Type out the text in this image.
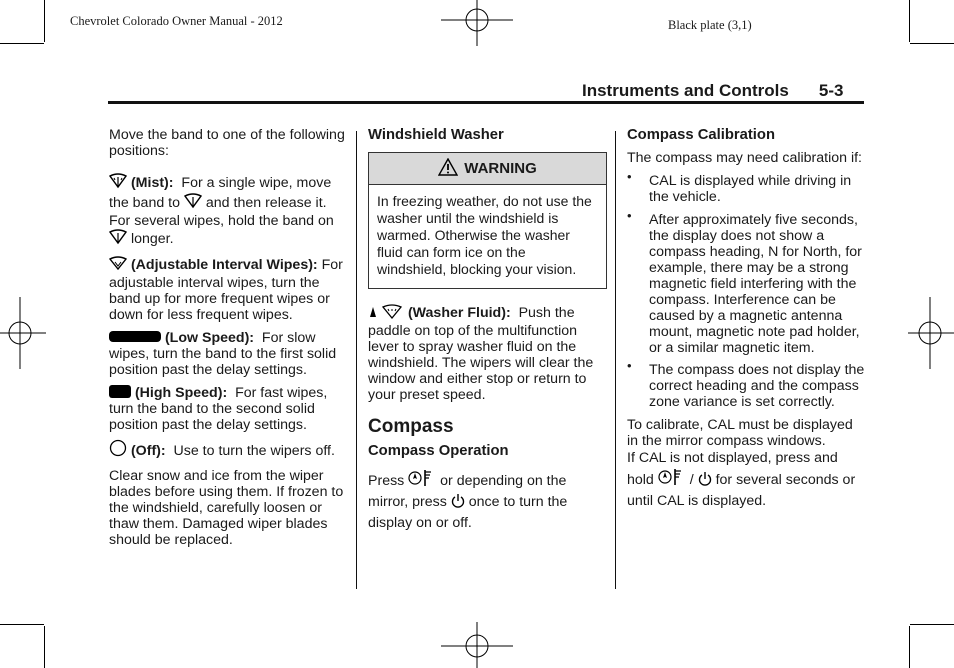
Chevrolet Colorado Owner Manual - 2012	Black plate (3,1)
Instruments and Controls 5-3

Move the band to one of the following positions:

(Mist): For a single wipe, move the band to and then release it. For several wipes, hold the band on  longer.

(Adjustable Interval Wipes): For adjustable interval wipes, turn the band up for more frequent wipes or down for less frequent wipes.

(Low Speed): For slow wipes, turn the band to the first solid position past the delay settings.

(High Speed): For fast wipes, turn the band to the second solid position past the delay settings.

(Off): Use to turn the wipers off.

Clear snow and ice from the wiper blades before using them. If frozen to the windshield, carefully loosen or thaw them. Damaged wiper blades should be replaced.

Windshield Washer

WARNING
In freezing weather, do not use the washer until the windshield is warmed. Otherwise the washer fluid can form ice on the windshield, blocking your vision.

(Washer Fluid): Push the paddle on top of the multifunction lever to spray washer fluid on the windshield. The wipers will clear the window and either stop or return to your preset speed.

Compass

Compass Operation

Press	or depending on the mirror, press once to turn the display on or off.

Compass Calibration

The compass may need calibration if:

• CAL is displayed while driving in the vehicle.
• After approximately five seconds, the display does not show a compass heading, N for North, for example, there may be a strong magnetic field interfering with the compass. Interference can be caused by a magnetic antenna mount, magnetic note pad holder, or a similar magnetic item.
• The compass does not display the correct heading and the compass zone variance is set correctly.

To calibrate, CAL must be displayed in the mirror compass windows.

If CAL is not displayed, press and hold	/ for several seconds or until CAL is displayed.
